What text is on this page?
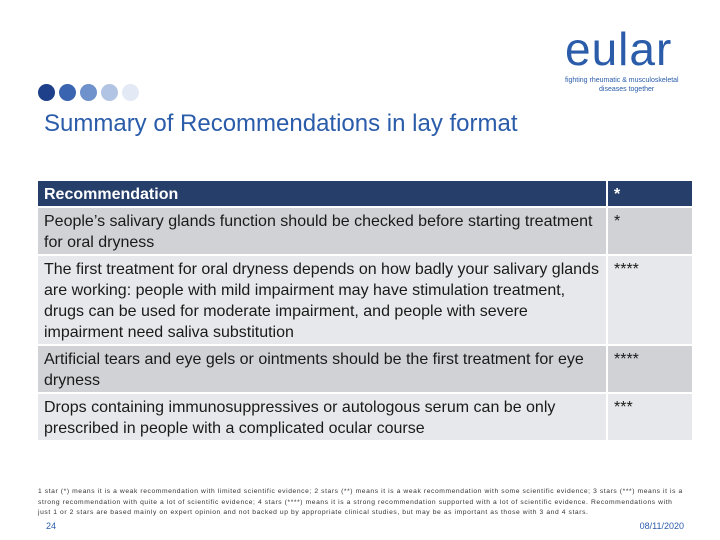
eular
fighting rheumatic & musculoskeletal
diseases together
Summary of Recommendations in lay format
Recommendation	*
People’s salivary glands function should be checked before starting treatment for oral dryness	*
The first treatment for oral dryness depends on how badly your salivary glands are working: people with mild impairment may have stimulation treatment, drugs can be used for moderate impairment, and people with severe impairment need saliva substitution	****
Artificial tears and eye gels or ointments should be the first treatment for eye dryness	****
Drops containing immunosuppressives or autologous serum can be only prescribed in people with a complicated ocular course	***
1 star (*) means it is a weak recommendation with limited scientific evidence; 2 stars (**) means it is a weak recommendation with some scientific evidence; 3 stars (***) means it is a strong recommendation with quite a lot of scientific evidence; 4 stars (****) means it is a strong recommendation supported with a lot of scientific evidence. Recommendations with just 1 or 2 stars are based mainly on expert opinion and not backed up by appropriate clinical studies, but may be as important as those with 3 and 4 stars.
24	08/11/2020
